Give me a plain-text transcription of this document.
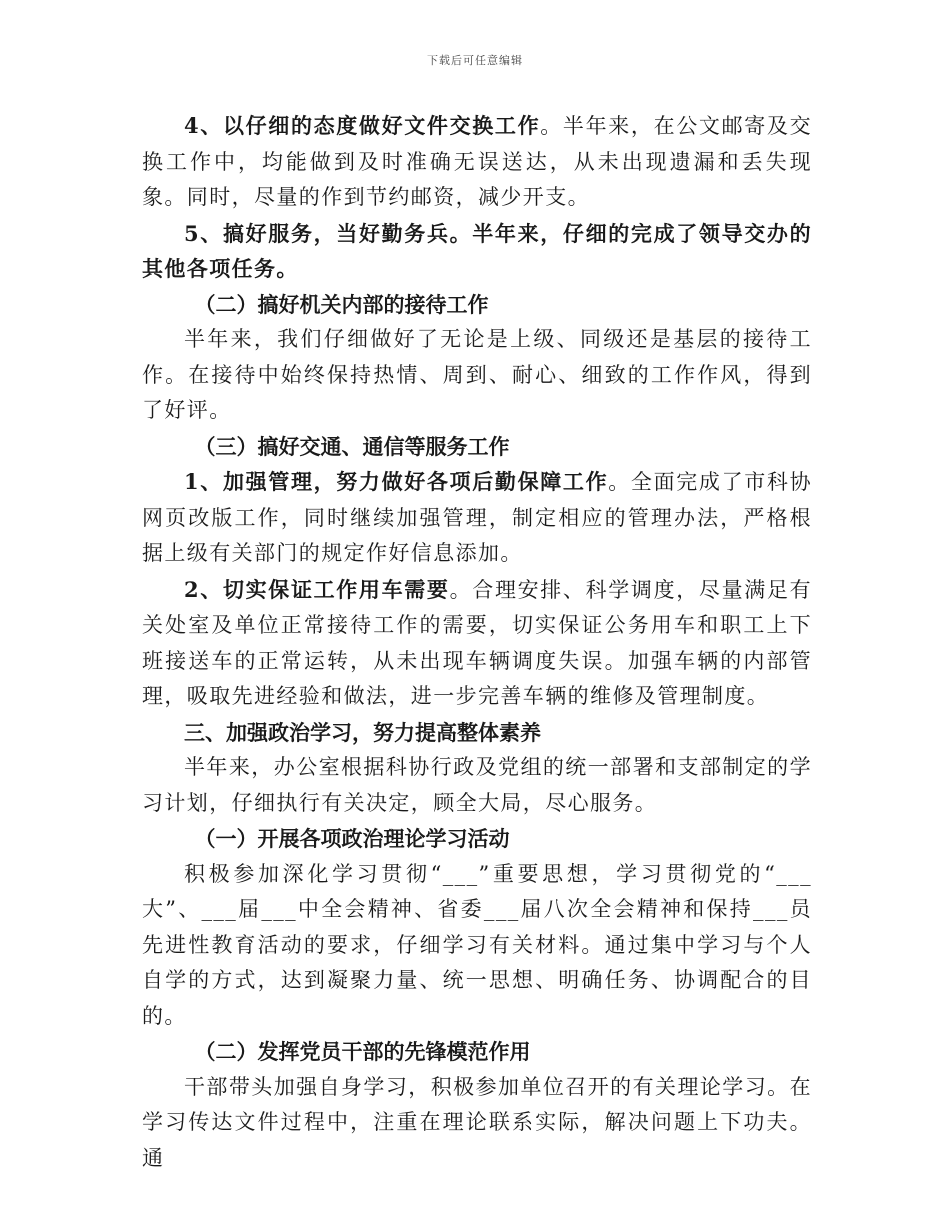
下载后可任意编辑

4、以仔细的态度做好文件交换工作。半年来，在公文邮寄及交换工作中，均能做到及时准确无误送达，从未出现遗漏和丢失现象。同时，尽量的作到节约邮资，减少开支。

5、搞好服务，当好勤务兵。半年来，仔细的完成了领导交办的其他各项任务。

（二）搞好机关内部的接待工作

半年来，我们仔细做好了无论是上级、同级还是基层的接待工作。在接待中始终保持热情、周到、耐心、细致的工作作风，得到了好评。

（三）搞好交通、通信等服务工作

1、加强管理，努力做好各项后勤保障工作。全面完成了市科协网页改版工作，同时继续加强管理，制定相应的管理办法，严格根据上级有关部门的规定作好信息添加。

2、切实保证工作用车需要。合理安排、科学调度，尽量满足有关处室及单位正常接待工作的需要，切实保证公务用车和职工上下班接送车的正常运转，从未出现车辆调度失误。加强车辆的内部管理，吸取先进经验和做法，进一步完善车辆的维修及管理制度。

三、加强政治学习，努力提高整体素养

半年来，办公室根据科协行政及党组的统一部署和支部制定的学习计划，仔细执行有关决定，顾全大局，尽心服务。

（一）开展各项政治理论学习活动

积极参加深化学习贯彻“___”重要思想，学习贯彻党的“___大”、___届___中全会精神、省委___届八次全会精神和保持___员先进性教育活动的要求，仔细学习有关材料。通过集中学习与个人自学的方式，达到凝聚力量、统一思想、明确任务、协调配合的目的。

（二）发挥党员干部的先锋模范作用

干部带头加强自身学习，积极参加单位召开的有关理论学习。在学习传达文件过程中，注重在理论联系实际，解决问题上下功夫。通
